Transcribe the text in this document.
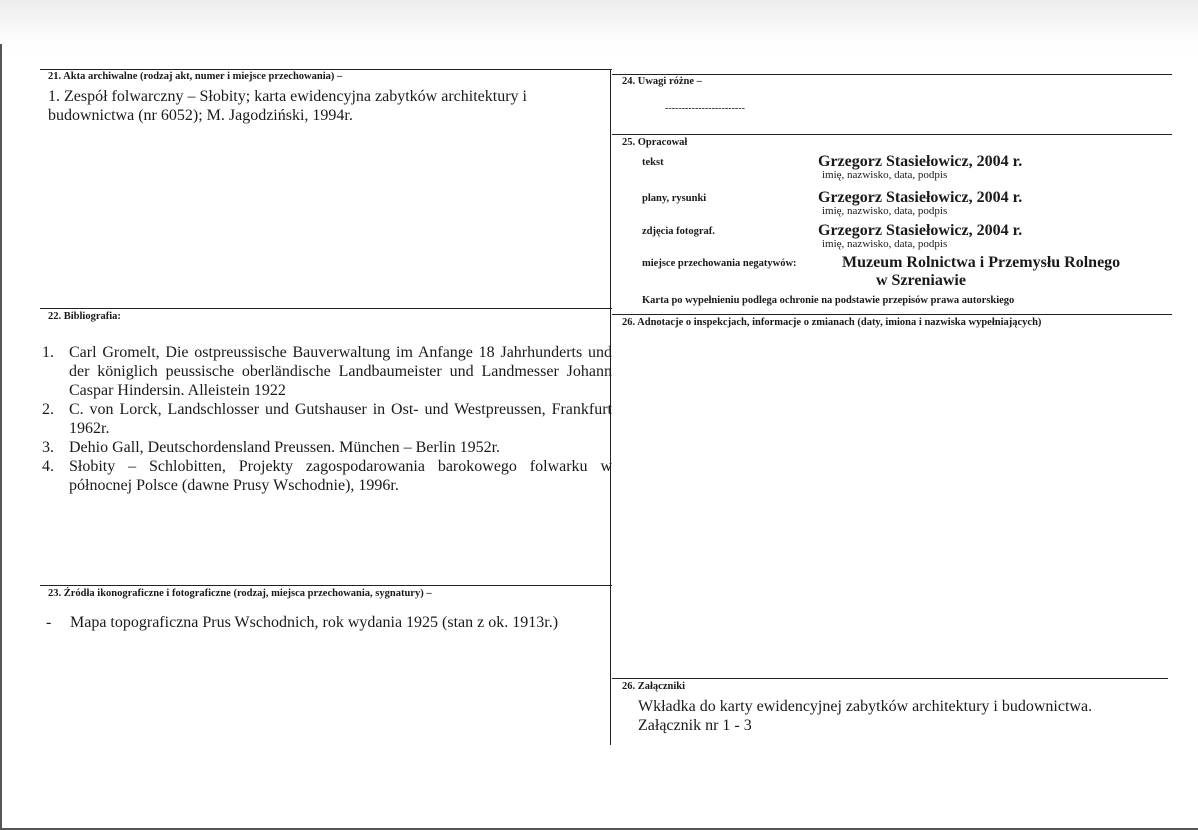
21. Akta archiwalne (rodzaj akt, numer i miejsce przechowania) –
1. Zespół folwarczny – Słobity; karta ewidencyjna zabytków architektury i
budownictwa (nr 6052); M. Jagodziński, 1994r.
24. Uwagi różne –
------------------------
25. Opracował
tekst	Grzegorz Stasiełowicz, 2004 r.
imię, nazwisko, data, podpis
plany, rysunki	Grzegorz Stasiełowicz, 2004 r.
imię, nazwisko, data, podpis
zdjęcia fotograf.	Grzegorz Stasiełowicz, 2004 r.
imię, nazwisko, data, podpis
miejsce przechowania negatywów:	Muzeum Rolnictwa i Przemysłu Rolnego
w Szreniawie
Karta po wypełnieniu podlega ochronie na podstawie przepisów prawa autorskiego
22. Bibliografia:
1. Carl Gromelt, Die ostpreussische Bauverwaltung im Anfange 18 Jahrhunderts und der königlich peussische oberländische Landbaumeister und Landmesser Johann Caspar Hindersin. Alleistein 1922
2. C. von Lorck, Landschlosser und Gutshauser in Ost- und Westpreussen, Frankfurt 1962r.
3. Dehio Gall, Deutschordensland Preussen. München – Berlin 1952r.
4. Słobity – Schlobitten, Projekty zagospodarowania barokowego folwarku w północnej Polsce (dawne Prusy Wschodnie), 1996r.
26. Adnotacje o inspekcjach, informacje o zmianach (daty, imiona i nazwiska wypełniających)
23. Źródła ikonograficzne i fotograficzne (rodzaj, miejsca przechowania, sygnatury) –
- Mapa topograficzna Prus Wschodnich, rok wydania 1925 (stan z ok. 1913r.)
26. Załączniki
Wkładka do karty ewidencyjnej zabytków architektury i budownictwa.
Załącznik nr 1 - 3
